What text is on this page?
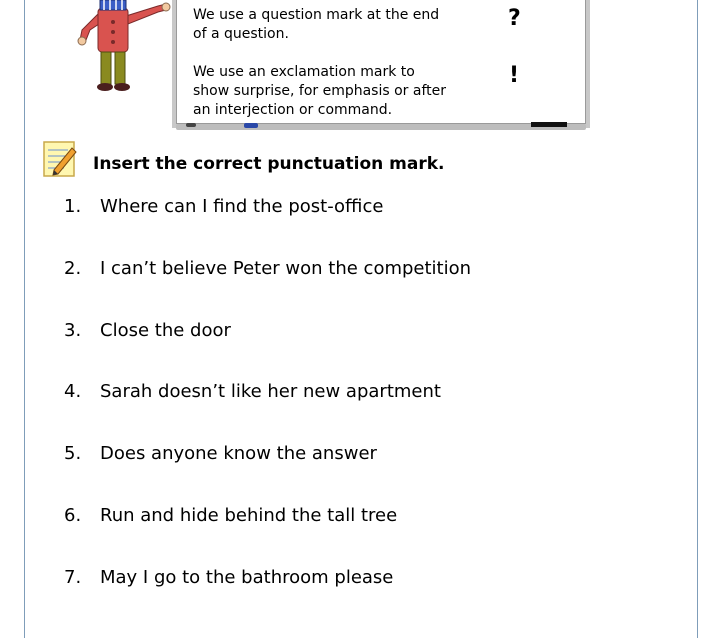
We use a question mark at the end of a question.
?
We use an exclamation mark to show surprise, for emphasis or after an interjection or command.
!
Insert the correct punctuation mark.
1. Where can I find the post-office
2. I can’t believe Peter won the competition
3. Close the door
4. Sarah doesn’t like her new apartment
5. Does anyone know the answer
6. Run and hide behind the tall tree
7. May I go to the bathroom please
